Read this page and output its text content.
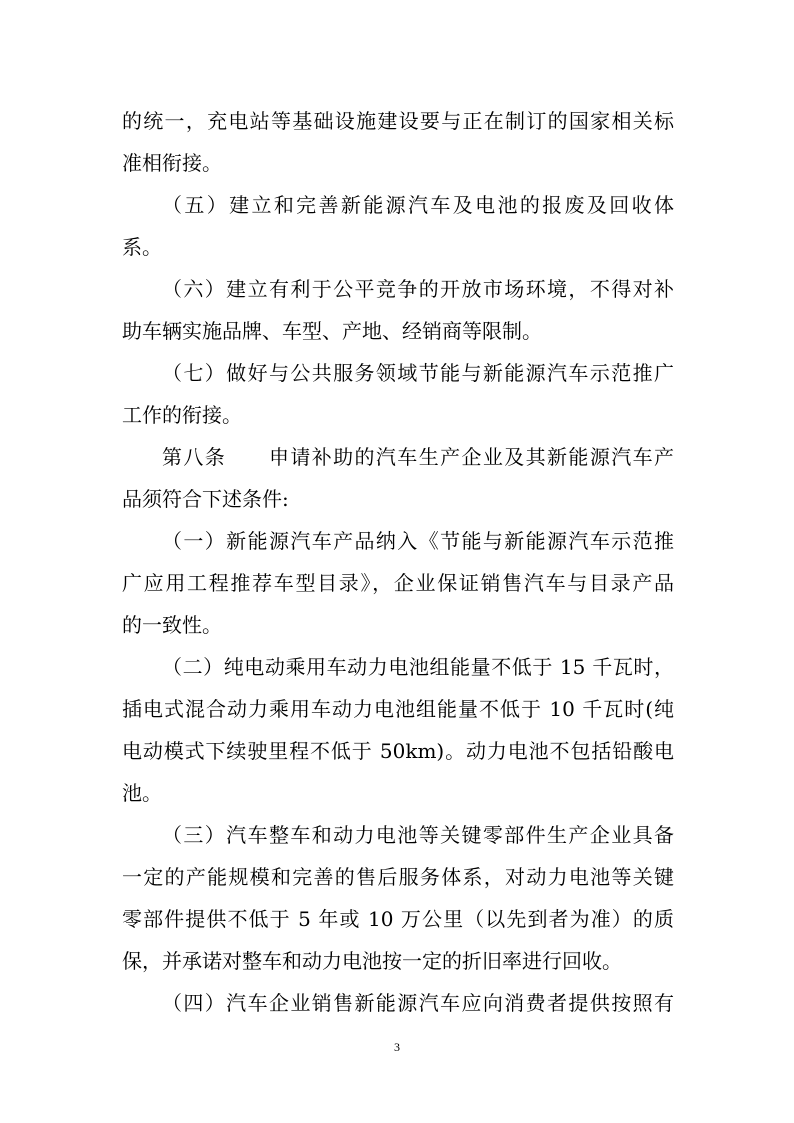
的统一，充电站等基础设施建设要与正在制订的国家相关标
准相衔接。
（五）建立和完善新能源汽车及电池的报废及回收体
系。
（六）建立有利于公平竞争的开放市场环境，不得对补
助车辆实施品牌、车型、产地、经销商等限制。
（七）做好与公共服务领域节能与新能源汽车示范推广
工作的衔接。
第八条　　申请补助的汽车生产企业及其新能源汽车产
品须符合下述条件:
（一）新能源汽车产品纳入《节能与新能源汽车示范推
广应用工程推荐车型目录》，企业保证销售汽车与目录产品
的一致性。
（二）纯电动乘用车动力电池组能量不低于 15 千瓦时，
插电式混合动力乘用车动力电池组能量不低于 10 千瓦时(纯
电动模式下续驶里程不低于 50km)。动力电池不包括铅酸电
池。
（三）汽车整车和动力电池等关键零部件生产企业具备
一定的产能规模和完善的售后服务体系，对动力电池等关键
零部件提供不低于 5 年或 10 万公里（以先到者为准）的质
保，并承诺对整车和动力电池按一定的折旧率进行回收。
（四）汽车企业销售新能源汽车应向消费者提供按照有
3
